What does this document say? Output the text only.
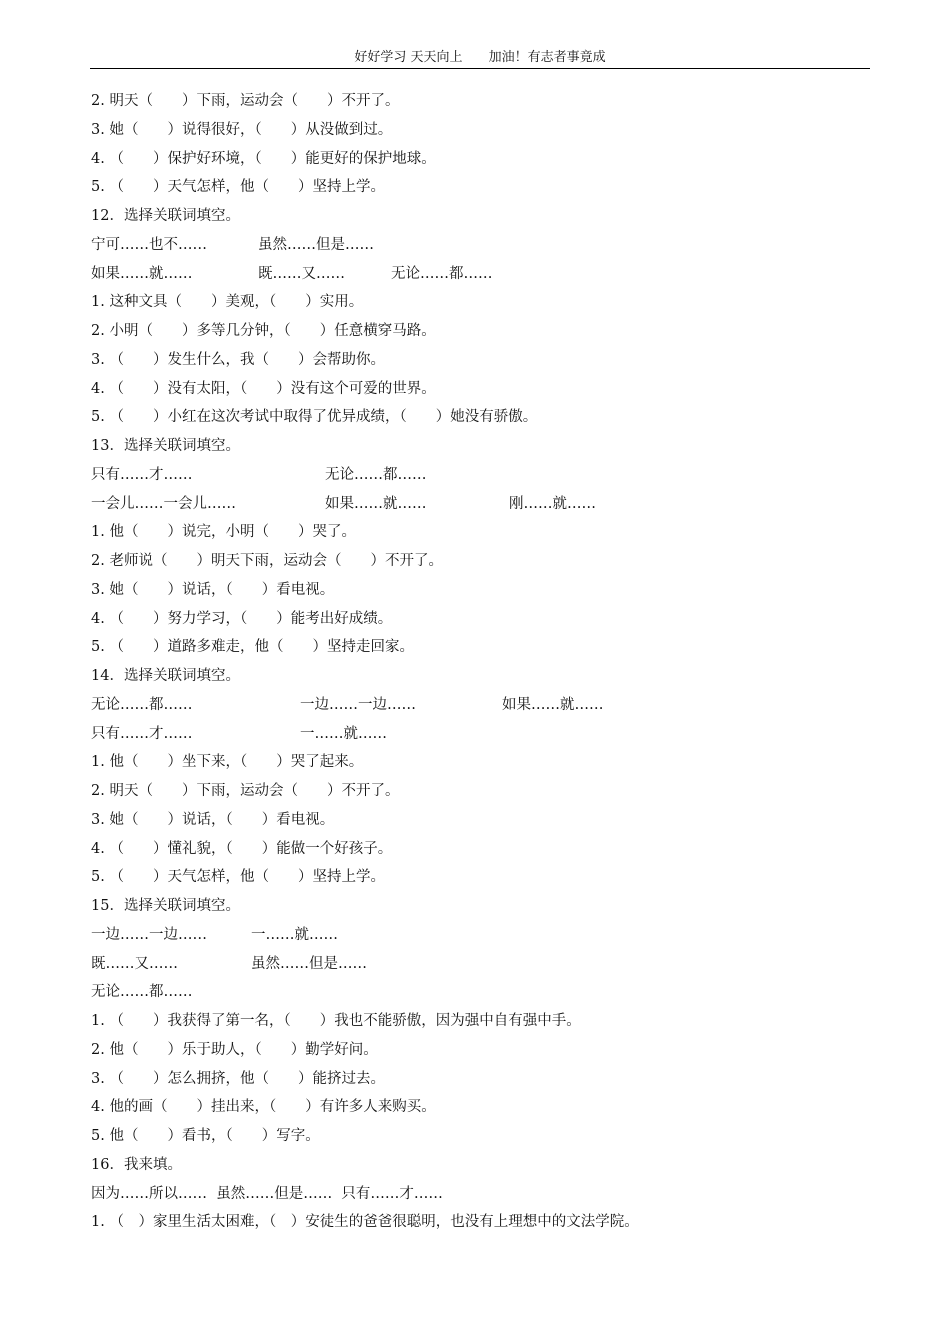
好好学习 天天向上　　 加油！有志者事竟成
2. 明天（　　）下雨，运动会（　　）不开了。
3. 她（　　）说得很好，（　　）从没做到过。
4. （　　）保护好环境，（　　）能更好的保护地球。
5. （　　）天气怎样，他（　　）坚持上学。
12．选择关联词填空。
宁可……也不……	虽然……但是……
如果……就……	既……又……	无论……都……
1. 这种文具（　　）美观，（　　）实用。
2. 小明（　　）多等几分钟，（　　）任意横穿马路。
3. （　　）发生什么，我（　　）会帮助你。
4. （　　）没有太阳，（　　）没有这个可爱的世界。
5. （　　）小红在这次考试中取得了优异成绩，（　　）她没有骄傲。
13．选择关联词填空。
只有……才……	无论……都……
一会儿……一会儿……	如果……就……	刚……就……
1. 他（　　）说完，小明（　　）哭了。
2. 老师说（　　）明天下雨，运动会（　　）不开了。
3. 她（　　）说话，（　　）看电视。
4. （　　）努力学习，（　　）能考出好成绩。
5. （　　）道路多难走，他（　　）坚持走回家。
14．选择关联词填空。
无论……都……	一边……一边……	如果……就……
只有……才……	一……就……
1. 他（　　）坐下来，（　　）哭了起来。
2. 明天（　　）下雨，运动会（　　）不开了。
3. 她（　　）说话，（　　）看电视。
4. （　　）懂礼貌，（　　）能做一个好孩子。
5. （　　）天气怎样，他（　　）坚持上学。
15．选择关联词填空。
一边……一边……	一……就……
既……又……	虽然……但是……
无论……都……
1. （　　）我获得了第一名，（　　）我也不能骄傲，因为强中自有强中手。
2. 他（　　）乐于助人，（　　）勤学好问。
3. （　　）怎么拥挤，他（　　）能挤过去。
4. 他的画（　　）挂出来，（　　）有许多人来购买。
5. 他（　　）看书，（　　）写字。
16．我来填。
因为……所以……  虽然……但是……  只有……才……
1. （　）家里生活太困难，（　）安徒生的爸爸很聪明，也没有上理想中的文法学院。
